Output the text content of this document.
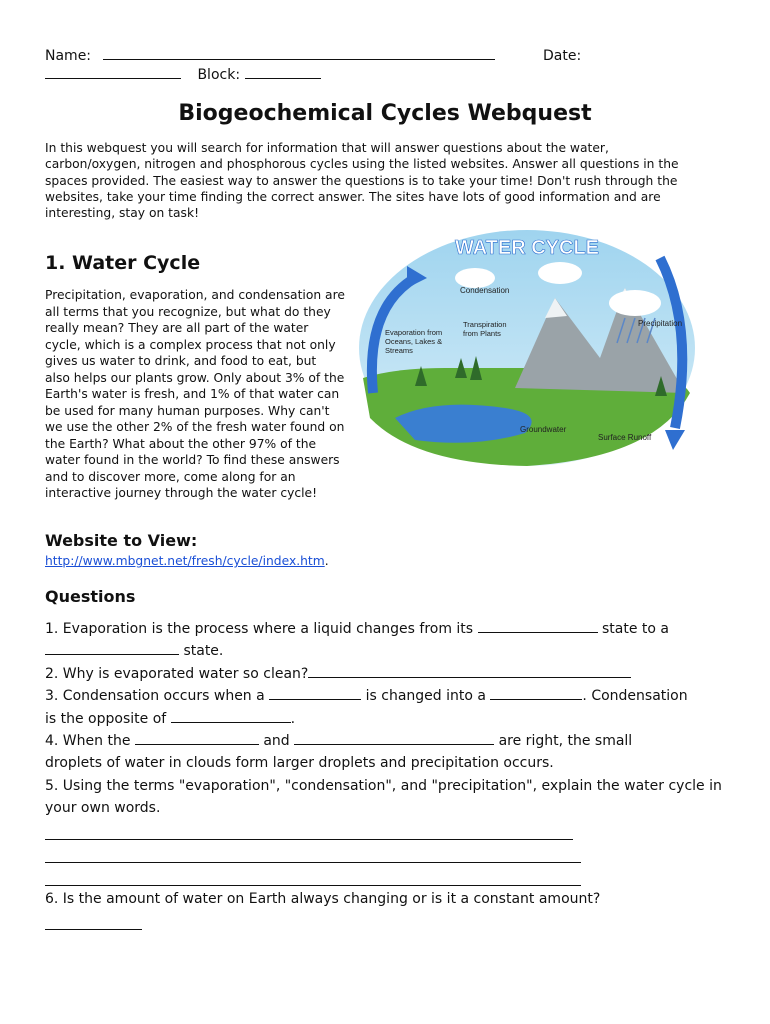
Name:	Date:
Block:
Biogeochemical Cycles Webquest
In this webquest you will search for information that will answer questions about the water, carbon/oxygen, nitrogen and phosphorous cycles using the listed websites. Answer all questions in the spaces provided. The easiest way to answer the questions is to take your time! Don't rush through the websites, take your time finding the correct answer. The sites have lots of good information and are interesting, stay on task!
1. Water Cycle
Precipitation, evaporation, and condensation are all terms that you recognize, but what do they really mean? They are all part of the water cycle, which is a complex process that not only gives us water to drink, and food to eat, but also helps our plants grow. Only about 3% of the Earth's water is fresh, and 1% of that water can be used for many human purposes. Why can't we use the other 2% of the fresh water found on the Earth? What about the other 97% of the water found in the world? To find these answers and to discover more, come along for an interactive journey through the water cycle!
WATER CYCLE
Condensation
Precipitation
Evaporation from Oceans, Lakes & Streams
Transpiration from Plants
Groundwater
Surface Runoff
Website to View:
http://www.mbgnet.net/fresh/cycle/index.htm.
Questions
1. Evaporation is the process where a liquid changes from its	state to a
state.
2. Why is evaporated water so clean?
3. Condensation occurs when a	is changed into a	. Condensation
is the opposite of	.
4. When the	and	are right, the small
droplets of water in clouds form larger droplets and precipitation occurs.
5. Using the terms "evaporation", "condensation", and "precipitation", explain the water cycle in your own words.
6. Is the amount of water on Earth always changing or is it a constant amount?
